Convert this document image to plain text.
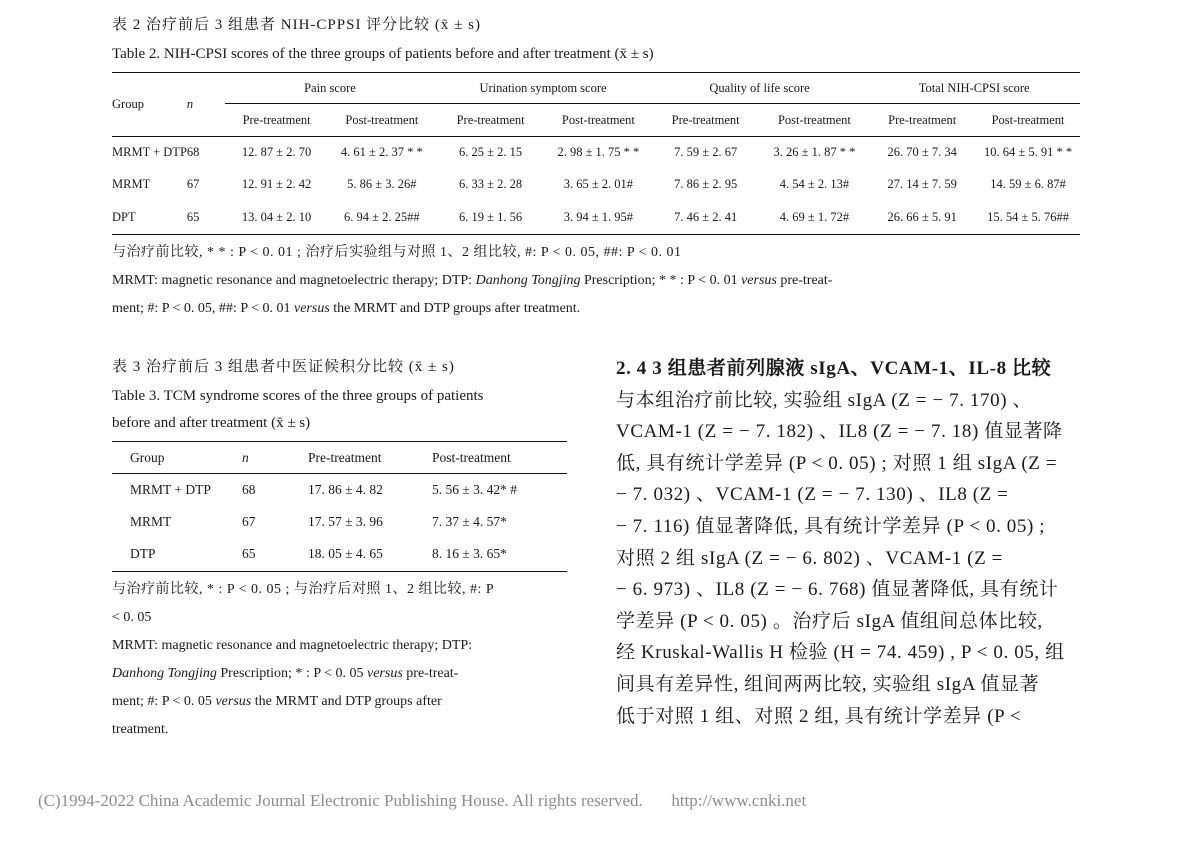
表 2 治疗前后 3 组患者 NIH-CPPSI 评分比较 (x̄ ± s)
Table 2. NIH-CPSI scores of the three groups of patients before and after treatment (x̄ ± s)
Group	n	Pain score		Urination symptom score		Quality of life score		Total NIH-CPSI score	
		Pre-treatment	Post-treatment	Pre-treatment	Post-treatment	Pre-treatment	Post-treatment	Pre-treatment	Post-treatment
MRMT + DTP	68	12. 87 ± 2. 70	4. 61 ± 2. 37 * *	6. 25 ± 2. 15	2. 98 ± 1. 75 * *	7. 59 ± 2. 67	3. 26 ± 1. 87 * *	26. 70 ± 7. 34	10. 64 ± 5. 91 * *
MRMT	67	12. 91 ± 2. 42	5. 86 ± 3. 26#	6. 33 ± 2. 28	3. 65 ± 2. 01#	7. 86 ± 2. 95	4. 54 ± 2. 13#	27. 14 ± 7. 59	14. 59 ± 6. 87#
DPT	65	13. 04 ± 2. 10	6. 94 ± 2. 25##	6. 19 ± 1. 56	3. 94 ± 1. 95#	7. 46 ± 2. 41	4. 69 ± 1. 72#	26. 66 ± 5. 91	15. 54 ± 5. 76##
与治疗前比较, * * : P < 0. 01 ; 治疗后实验组与对照 1、2 组比较, #: P < 0. 05, ##: P < 0. 01
MRMT: magnetic resonance and magnetoelectric therapy; DTP: Danhong Tongjing Prescription; * * : P < 0. 01 versus pre-treat-
ment; #: P < 0. 05, ##: P < 0. 01 versus the MRMT and DTP groups after treatment.
表 3 治疗前后 3 组患者中医证候积分比较 (x̄ ± s)
Table 3. TCM syndrome scores of the three groups of patients
before and after treatment (x̄ ± s)
Group	n	Pre-treatment	Post-treatment
MRMT + DTP	68	17. 86 ± 4. 82	5. 56 ± 3. 42* #
MRMT	67	17. 57 ± 3. 96	7. 37 ± 4. 57*
DTP	65	18. 05 ± 4. 65	8. 16 ± 3. 65*
与治疗前比较, * : P < 0. 05 ; 与治疗后对照 1、2 组比较, #: P
< 0. 05
MRMT: magnetic resonance and magnetoelectric therapy; DTP:
Danhong Tongjing Prescription; * : P < 0. 05 versus pre-treat-
ment; #: P < 0. 05 versus the MRMT and DTP groups after
treatment.
2. 4 3 组患者前列腺液 sIgA、VCAM-1、IL-8 比较
与本组治疗前比较, 实验组 sIgA (Z = − 7. 170) 、
VCAM-1 (Z = − 7. 182) 、IL8 (Z = − 7. 18) 值显著降
低, 具有统计学差异 (P < 0. 05) ; 对照 1 组 sIgA (Z =
− 7. 032) 、VCAM-1 (Z = − 7. 130) 、IL8 (Z =
− 7. 116) 值显著降低, 具有统计学差异 (P < 0. 05) ;
对照 2 组 sIgA (Z = − 6. 802) 、VCAM-1 (Z =
− 6. 973) 、IL8 (Z = − 6. 768) 值显著降低, 具有统计
学差异 (P < 0. 05) 。治疗后 sIgA 值组间总体比较,
经 Kruskal-Wallis H 检验 (H = 74. 459) , P < 0. 05, 组
间具有差异性, 组间两两比较, 实验组 sIgA 值显著
低于对照 1 组、对照 2 组, 具有统计学差异 (P <
(C)1994-2022 China Academic Journal Electronic Publishing House. All rights reserved. http://www.cnki.net
